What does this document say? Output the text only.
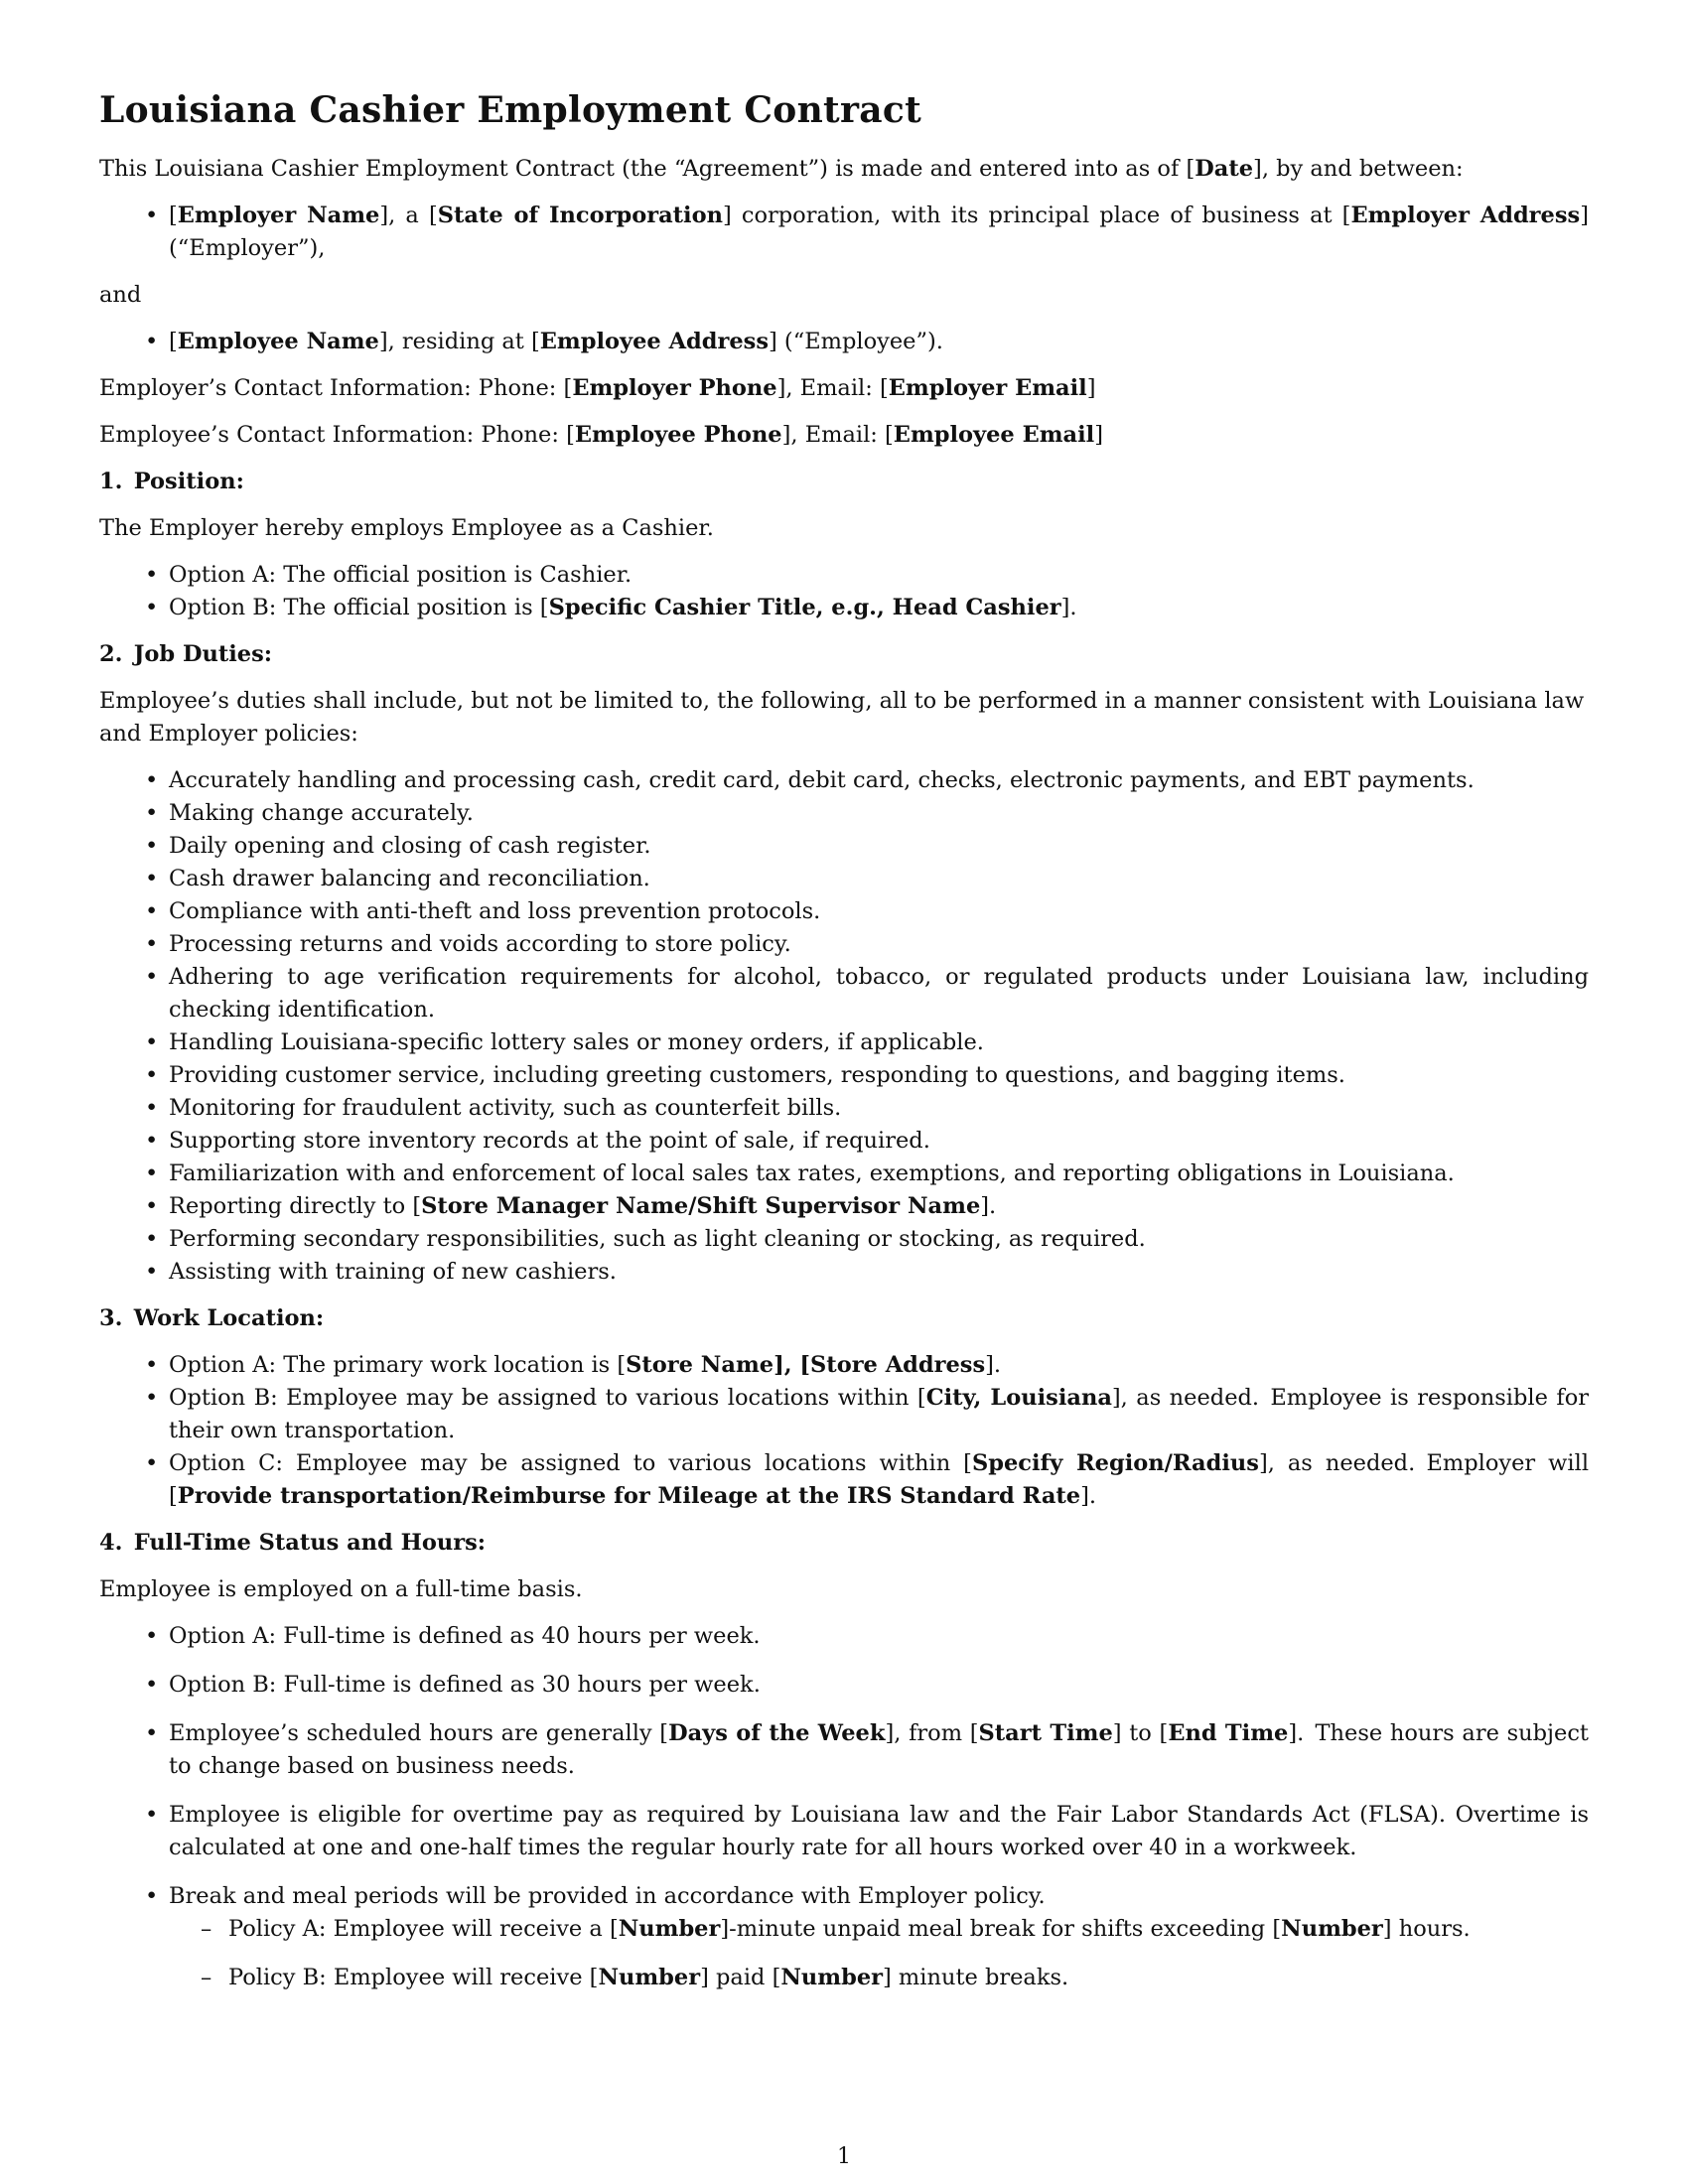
Louisiana Cashier Employment Contract

This Louisiana Cashier Employment Contract (the “Agreement”) is made and entered into as of [Date], by and between:

• [Employer Name], a [State of Incorporation] corporation, with its principal place of business at [Employer Address] (“Employer”),

and

• [Employee Name], residing at [Employee Address] (“Employee”).

Employer’s Contact Information: Phone: [Employer Phone], Email: [Employer Email]

Employee’s Contact Information: Phone: [Employee Phone], Email: [Employee Email]

1. Position:

The Employer hereby employs Employee as a Cashier.

• Option A: The official position is Cashier.
• Option B: The official position is [Specific Cashier Title, e.g., Head Cashier].
2. Job Duties:

Employee’s duties shall include, but not be limited to, the following, all to be performed in a manner consistent with Louisiana law and Employer policies:

• Accurately handling and processing cash, credit card, debit card, checks, electronic payments, and EBT payments.
• Making change accurately.
• Daily opening and closing of cash register.
• Cash drawer balancing and reconciliation.
• Compliance with anti-theft and loss prevention protocols.
• Processing returns and voids according to store policy.
• Adhering to age verification requirements for alcohol, tobacco, or regulated products under Louisiana law, including checking identification.
• Handling Louisiana-specific lottery sales or money orders, if applicable.
• Providing customer service, including greeting customers, responding to questions, and bagging items.
• Monitoring for fraudulent activity, such as counterfeit bills.
• Supporting store inventory records at the point of sale, if required.
• Familiarization with and enforcement of local sales tax rates, exemptions, and reporting obligations in Louisiana.
• Reporting directly to [Store Manager Name/Shift Supervisor Name].
• Performing secondary responsibilities, such as light cleaning or stocking, as required.
• Assisting with training of new cashiers.
3. Work Location:
• Option A: The primary work location is [Store Name], [Store Address].
• Option B: Employee may be assigned to various locations within [City, Louisiana], as needed. Employee is responsible for their own transportation.
• Option C: Employee may be assigned to various locations within [Specify Region/Radius], as needed. Employer will [Provide transportation/Reimburse for Mileage at the IRS Standard Rate].
4. Full-Time Status and Hours:

Employee is employed on a full-time basis.

• Option A: Full-time is defined as 40 hours per week.
• Option B: Full-time is defined as 30 hours per week.
• Employee’s scheduled hours are generally [Days of the Week], from [Start Time] to [End Time]. These hours are subject to change based on business needs.
• Employee is eligible for overtime pay as required by Louisiana law and the Fair Labor Standards Act (FLSA). Overtime is calculated at one and one-half times the regular hourly rate for all hours worked over 40 in a workweek.
• Break and meal periods will be provided in accordance with Employer policy.
– Policy A: Employee will receive a [Number]-minute unpaid meal break for shifts exceeding [Number] hours.
– Policy B: Employee will receive [Number] paid [Number] minute breaks.
1
